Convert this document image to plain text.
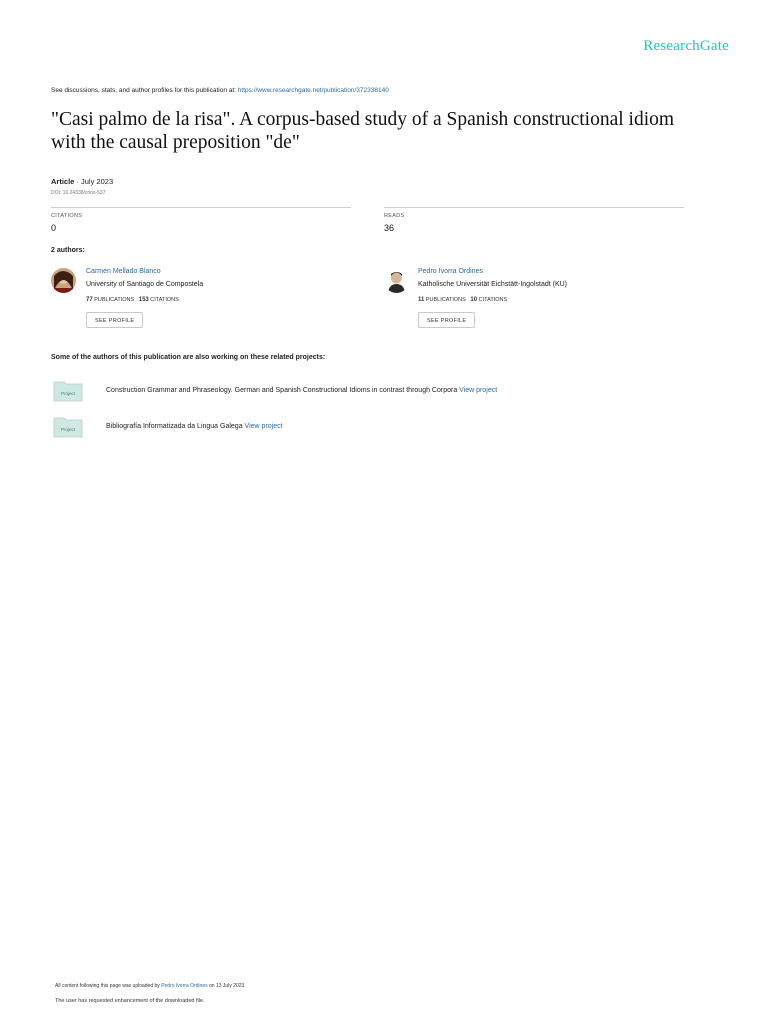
ResearchGate
See discussions, stats, and author profiles for this publication at: https://www.researchgate.net/publication/372338140
"Casi palmo de la risa". A corpus-based study of a Spanish constructional idiom with the causal preposition "de"
Article · July 2023
DOI: 10.24338/cons-537
CITATIONS
0
READS
36
2 authors:
Carmen Mellado Blanco
University of Santiago de Compostela
77 PUBLICATIONS 153 CITATIONS
SEE PROFILE
Pedro Ivorra Ordines
Katholische Universität Eichstätt-Ingolstadt (KU)
11 PUBLICATIONS 10 CITATIONS
SEE PROFILE
Some of the authors of this publication are also working on these related projects:
Project	Construction Grammar and Phraseology. German and Spanish Constructional Idioms in contrast through Corpora View project
Project	Bibliografía Informatizada da Lingua Galega View project
All content following this page was uploaded by Pedro Ivorra Ordines on 13 July 2023.
The user has requested enhancement of the downloaded file.
